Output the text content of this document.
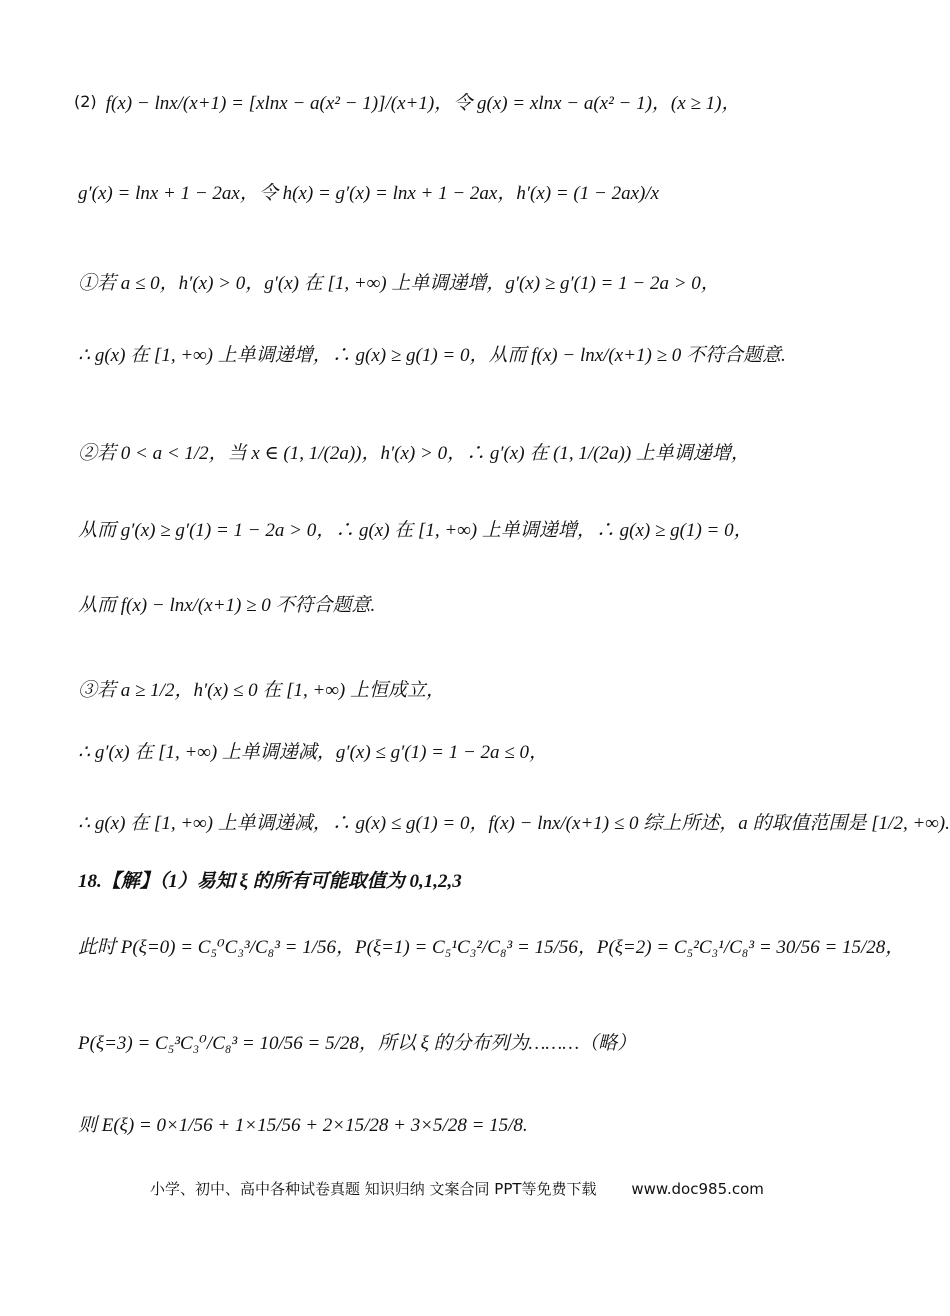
(2) f(x) − lnx/(x+1) = [xlnx − a(x² − 1)]/(x+1)，令 g(x) = xlnx − a(x² − 1)，(x ≥ 1)，
g′(x) = lnx + 1 − 2ax，令 h(x) = g′(x) = lnx + 1 − 2ax，h′(x) = (1 − 2ax)/x
①若 a ≤ 0，h′(x) > 0，g′(x) 在 [1, +∞) 上单调递增，g′(x) ≥ g′(1) = 1 − 2a > 0，
∴ g(x) 在 [1, +∞) 上单调递增，∴ g(x) ≥ g(1) = 0，从而 f(x) − lnx/(x+1) ≥ 0 不符合题意.
②若 0 < a < 1/2，当 x ∈ (1, 1/(2a))，h′(x) > 0，∴ g′(x) 在 (1, 1/(2a)) 上单调递增，
从而 g′(x) ≥ g′(1) = 1 − 2a > 0，∴ g(x) 在 [1, +∞) 上单调递增，∴ g(x) ≥ g(1) = 0，
从而 f(x) − lnx/(x+1) ≥ 0 不符合题意.
③若 a ≥ 1/2，h′(x) ≤ 0 在 [1, +∞) 上恒成立，
∴ g′(x) 在 [1, +∞) 上单调递减，g′(x) ≤ g′(1) = 1 − 2a ≤ 0，
∴ g(x) 在 [1, +∞) 上单调递减，∴ g(x) ≤ g(1) = 0，f(x) − lnx/(x+1) ≤ 0 综上所述，a 的取值范围是 [1/2, +∞).
18.【解】（1）易知 ξ 的所有可能取值为 0,1,2,3
此时 P(ξ=0) = C₅⁰C₃³/C₈³ = 1/56，P(ξ=1) = C₅¹C₃²/C₈³ = 15/56，P(ξ=2) = C₅²C₃¹/C₈³ = 30/56 = 15/28，
P(ξ=3) = C₅³C₃⁰/C₈³ = 10/56 = 5/28，所以 ξ 的分布列为………（略）
则 E(ξ) = 0×1/56 + 1×15/56 + 2×15/28 + 3×5/28 = 15/8.
小学、初中、高中各种试卷真题 知识归纳 文案合同 PPT等免费下载 www.doc985.com
